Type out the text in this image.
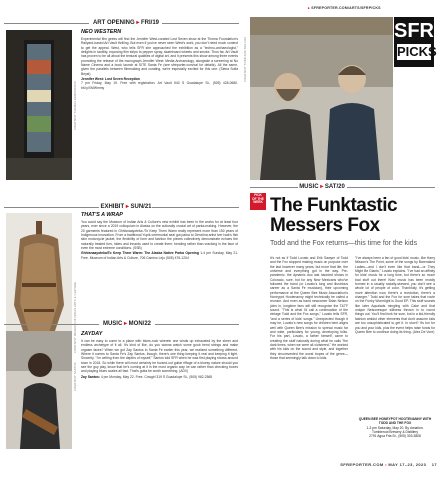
▸ SFREPORTER.COM/ARTS/SFRPICKS
SFR
PICKS
ART OPENING ▸ FRI/19
COURTESY THOMAS EDMONDSON
NEO WESTERN
Experimental film geeks will find the Jennifer West-curated Lost Seven show at the Thoma Foundation's Railyard-based Art Vault thrilling. But even if you've never seen West's work, you don't need much context to get the appeal. West, who tells SFR she approached the exhibition as a "techno-archaeologist," delights in tactility, exposing film strips to pepper spray, skateboard wheels and smoke. Thus far, Art Vault has proven to be all about the textural qualities of digital art, and it presents this show among three events promoting the release of the monograph Jennifer West: Media Archaeology, alongside a screening at No Name Cinema and a book launch at SITE Santa Fe (see sfreporter.com/cal for details). All the same, given the parallels between filmmaking and curating, we're especially excited for this one. (Siena Sofia Beyst)
Jennifer West: Lost Seven Reception
7 pm Friday, May 19. Free with registration. Art Vault 540 S Guadalupe St., (505) 428-0680. bit.ly/XMWmmy
EXHIBIT ▸ SUN/21
COURTESY MUSEUM OF INDIAN ARTS & CULTURE
THAT'S A WRAP
You could say the Museum of Indian Arts & Culture's new exhibit has been in the works for at least four years, ever since a 2019 colloquium in Alaska on the culturally crucial art of parka-making. However, the 20 garments featured in Ghhisnaayoteka /To Keep Them Warm really represent more than 150 years of Indigenous innovation. From a traditional Yupik ceremonial seal gut parka to Dena'ina artist Iver Isak's fish skin motorcycle jacket, the flexibility of form and fashion the pieces collectively demonstrate echoes the naturally treated furs, hides and innards used to create them: bending rather than cracking in the face of even the most extreme conditions. (SSB)
Ghhisnaayoteka/To Keep Them Warm: The Alaska Native Parka Opening 1-4 pm Sunday, May 21. Free. Museum of Indian Arts & Culture, 706 Camino Lejo (505) 476-1204
MUSIC ▸ MON/22
COURTESY SANTOS
ZAYDAY
It can be easy to come to a place with blues-rock wherein one winds up exhausted by the sheer and endless archetype of it all. It's kind of like, do you wanna watch some goob bend strings and make orgasm faces? When we got Zay Santos in Santa Fe earlier this year, we realized something different. Where it comes to Santa Fe's Zay Santos, though, there's one thing keeping it real and keeping it tight. Sincerity. "I'm writing from the depths of myself," Santos told SFR when he was first playing shows around town in 2018. So while there will most certainly be fuzzed-out guitar riffage of a bluesy nature should you see the guy play, know that he's coming at it in the most organic way he can rather than checking boxes and playing blues scales all fast. That's gotta be worth something. (ADV)
Zay Santos: 4 pm Monday, May 22. Free. Cowgirl 319 S Guadalupe St., (505) 982-2565
COURTESY TODD AND THE FOX
MUSIC ▸ SAT/20
PICK
OF THE
WEEK The Funktastic
Messers Fox
Todd and the Fox returns—this time for the kids
It's not as if Todd Lovato and Erik Sawyer of Todd and the Fox stopped making music on purpose over the last however many years, but more that life, the universe and everything got in the way. Pre-pandemic, the dynamic duo last haunted shows in Colorado, sure, but for any New Mexicans who've followed the band (or Lovato's long and illustrious career as a Santa Fe musician), their upcoming performance at the Queen Bee Music Association's Honeypot Hootenanny might technically be called a reunion. And even as band newcomer Brian Nelson joins in, longtime fans will still recognize the T&TF sound. "This is what I'd call a continuation of the vintage Todd and the Fox songs," Lovato tells SFR, "and a series of kids' songs." Unexpected though it may be, Lovato's new songs for children bent aligns well with Queen Bee's mission to spread music far and wide, particularly for young, developing folks. For his part, Lovato, a father himself, came to creating the stuff naturally during what he calls "the dark times, when we were all cloistered." He worked with his kids on the sound and style, and together they circumvented the worst tropes of the genre—those that seemingly talk down to kids.
"I've always been a fan of good kids' music, like Harry Nilsson's The Point, some of the songs by Barenaked Ladies—and I don't even like that band—or They Might Be Giants," Lovato explains. "I've had an affinity for kids' music for a long time, but there's so much bad stuff out there! Kids' music has been mostly formed in a usually racially-skewed, you don't see a whole lot of people of color. Thankfully, it's getting more attention now, there's a revolution, there's a changer." Todd and the Fox for sure takes that route on the Funky Wormlight is Good EP. This stuff sounds like later Aqualads mingling with Cake and that unique Nelsonesque silliness thrown in to round things out. You'll find funk for sure, but in a kid-friendly fashion amidst other elements that don't assume kids are too unsophisticated to get it. In short? It's fun for you and your kids, plus the event helps raise funds for Queen Bee to continue doing its thing. (Alex De Vore)
QUEEN BEE HONEYPOT HOOTENANNY WITH TODD AND THE FOX
1-3 pm Saturday, May 20. By donation.
Tumbleroot Brewery & Distillery
2791 Agua Fria St., (505) 303-3808
SFREPORTER.COM • MAY 17–23, 2023 17
